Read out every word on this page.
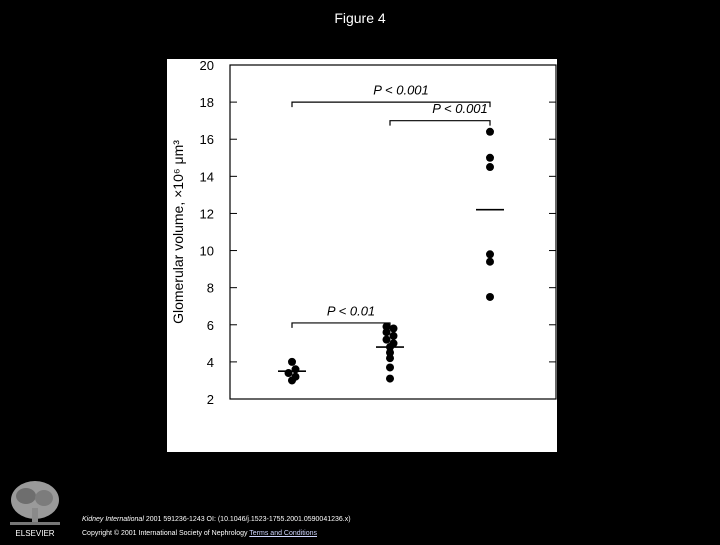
Figure 4
2
4
6
8
10
12
14
16
18
20
P < 0.001
P < 0.001
P < 0.01
A3243G-FSGS
N = 5
Primary
FSGS
N = 11
Secondary
FSGS
N = 6
Glomerular volume, ×10⁶ μm³
ELSEVIER
Kidney International 2001 591236-1243 OI: (10.1046/j.1523-1755.2001.0590041236.x)
Copyright © 2001 International Society of Nephrology Terms and Conditions
